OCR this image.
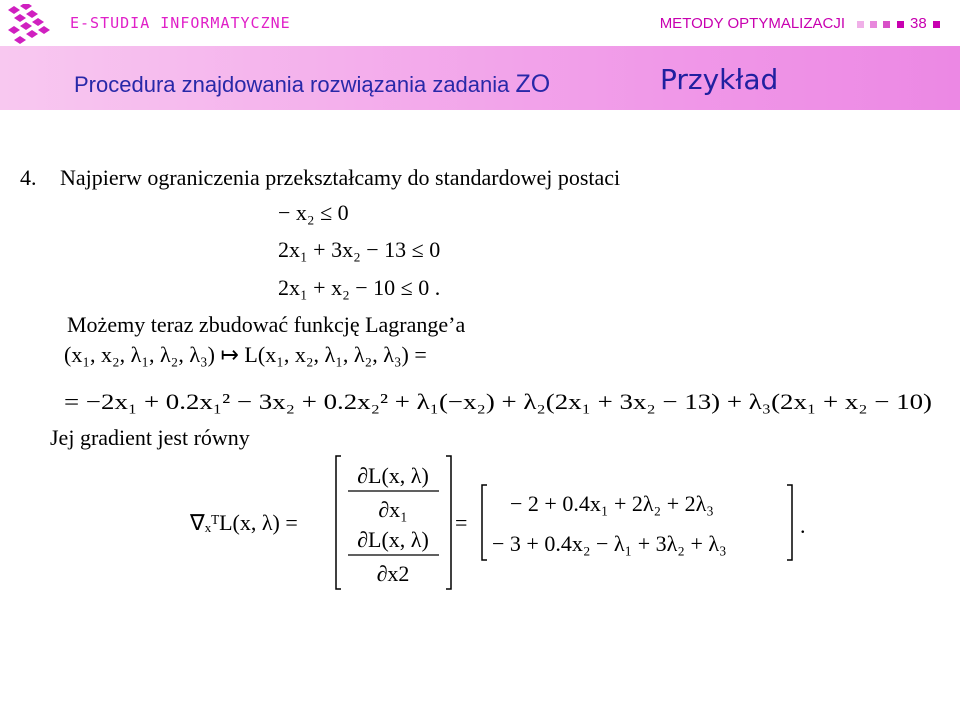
E-STUDIA INFORMATYCZNE	METODY OPTYMALIZACJI	38
Procedura znajdowania rozwiązania zadania ZO	Przykład
4. Najpierw ograniczenia przekształcamy do standardowej postaci
Możemy teraz zbudować funkcję Lagrange’a
Jej gradient jest równy
− x₂ ≤ 0
2x₁ + 3x₂ − 13 ≤ 0
2x₁ + x₂ − 10 ≤ 0 .
(x₁, x₂, λ₁, λ₂, λ₃) ↦ L(x₁, x₂, λ₁, λ₂, λ₃) =
= −2x₁ + 0.2x₁² − 3x₂ + 0.2x₂² + λ₁(−x₂) + λ₂(2x₁ + 3x₂ − 13) + λ₃(2x₁ + x₂ − 10)
∇ₓᵀL(x, λ) =
∂L(x, λ)
∂x₁
∂L(x, λ)
∂x2
=
− 2 + 0.4x₁ + 2λ₂ + 2λ₃
− 3 + 0.4x₂ − λ₁ + 3λ₂ + λ₃
.
